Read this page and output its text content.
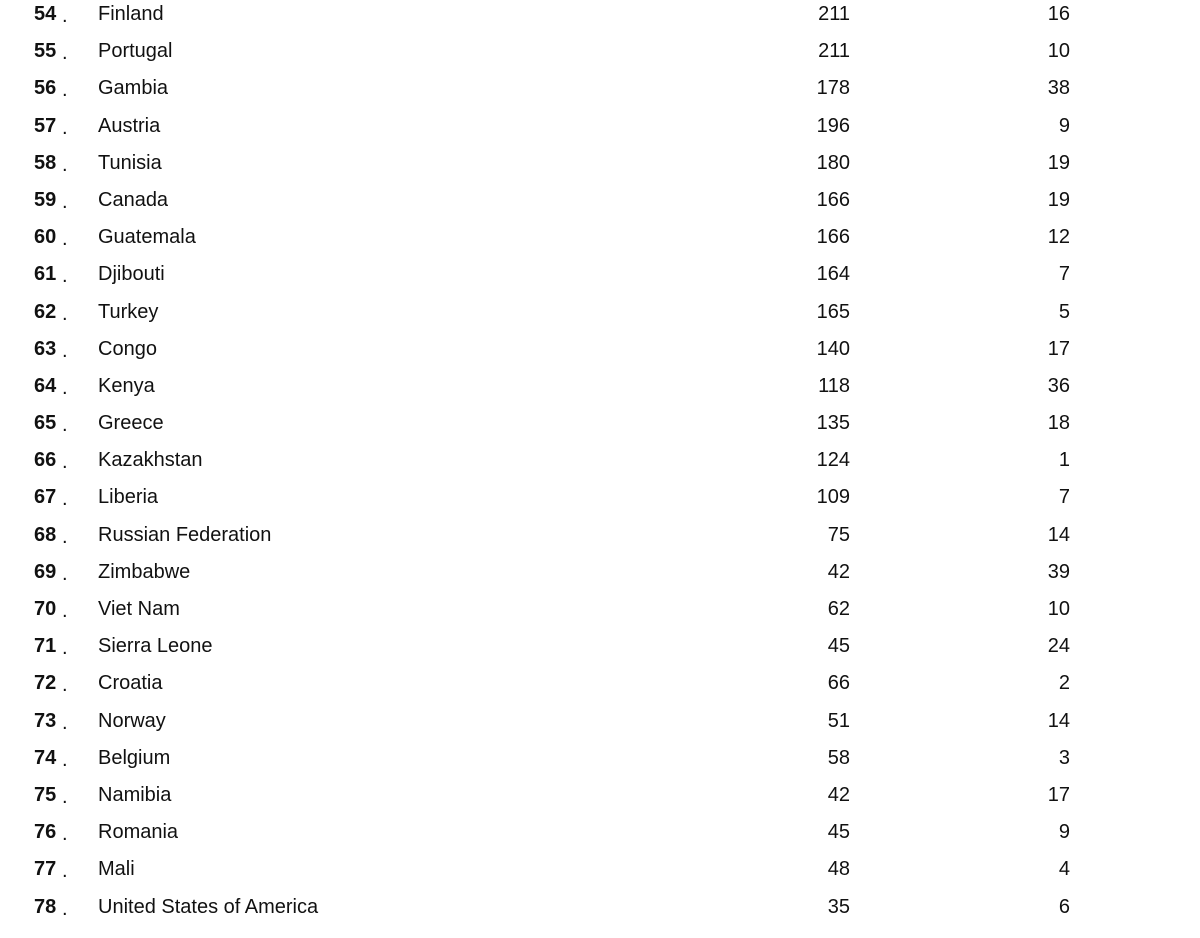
54 . Finland	211	16
55 . Portugal	211	10
56 . Gambia	178	38
57 . Austria	196	9
58 . Tunisia	180	19
59 . Canada	166	19
60 . Guatemala	166	12
61 . Djibouti	164	7
62 . Turkey	165	5
63 . Congo	140	17
64 . Kenya	118	36
65 . Greece	135	18
66 . Kazakhstan	124	1
67 . Liberia	109	7
68 . Russian Federation	75	14
69 . Zimbabwe	42	39
70 . Viet Nam	62	10
71 . Sierra Leone	45	24
72 . Croatia	66	2
73 . Norway	51	14
74 . Belgium	58	3
75 . Namibia	42	17
76 . Romania	45	9
77 . Mali	48	4
78 . United States of America	35	6
